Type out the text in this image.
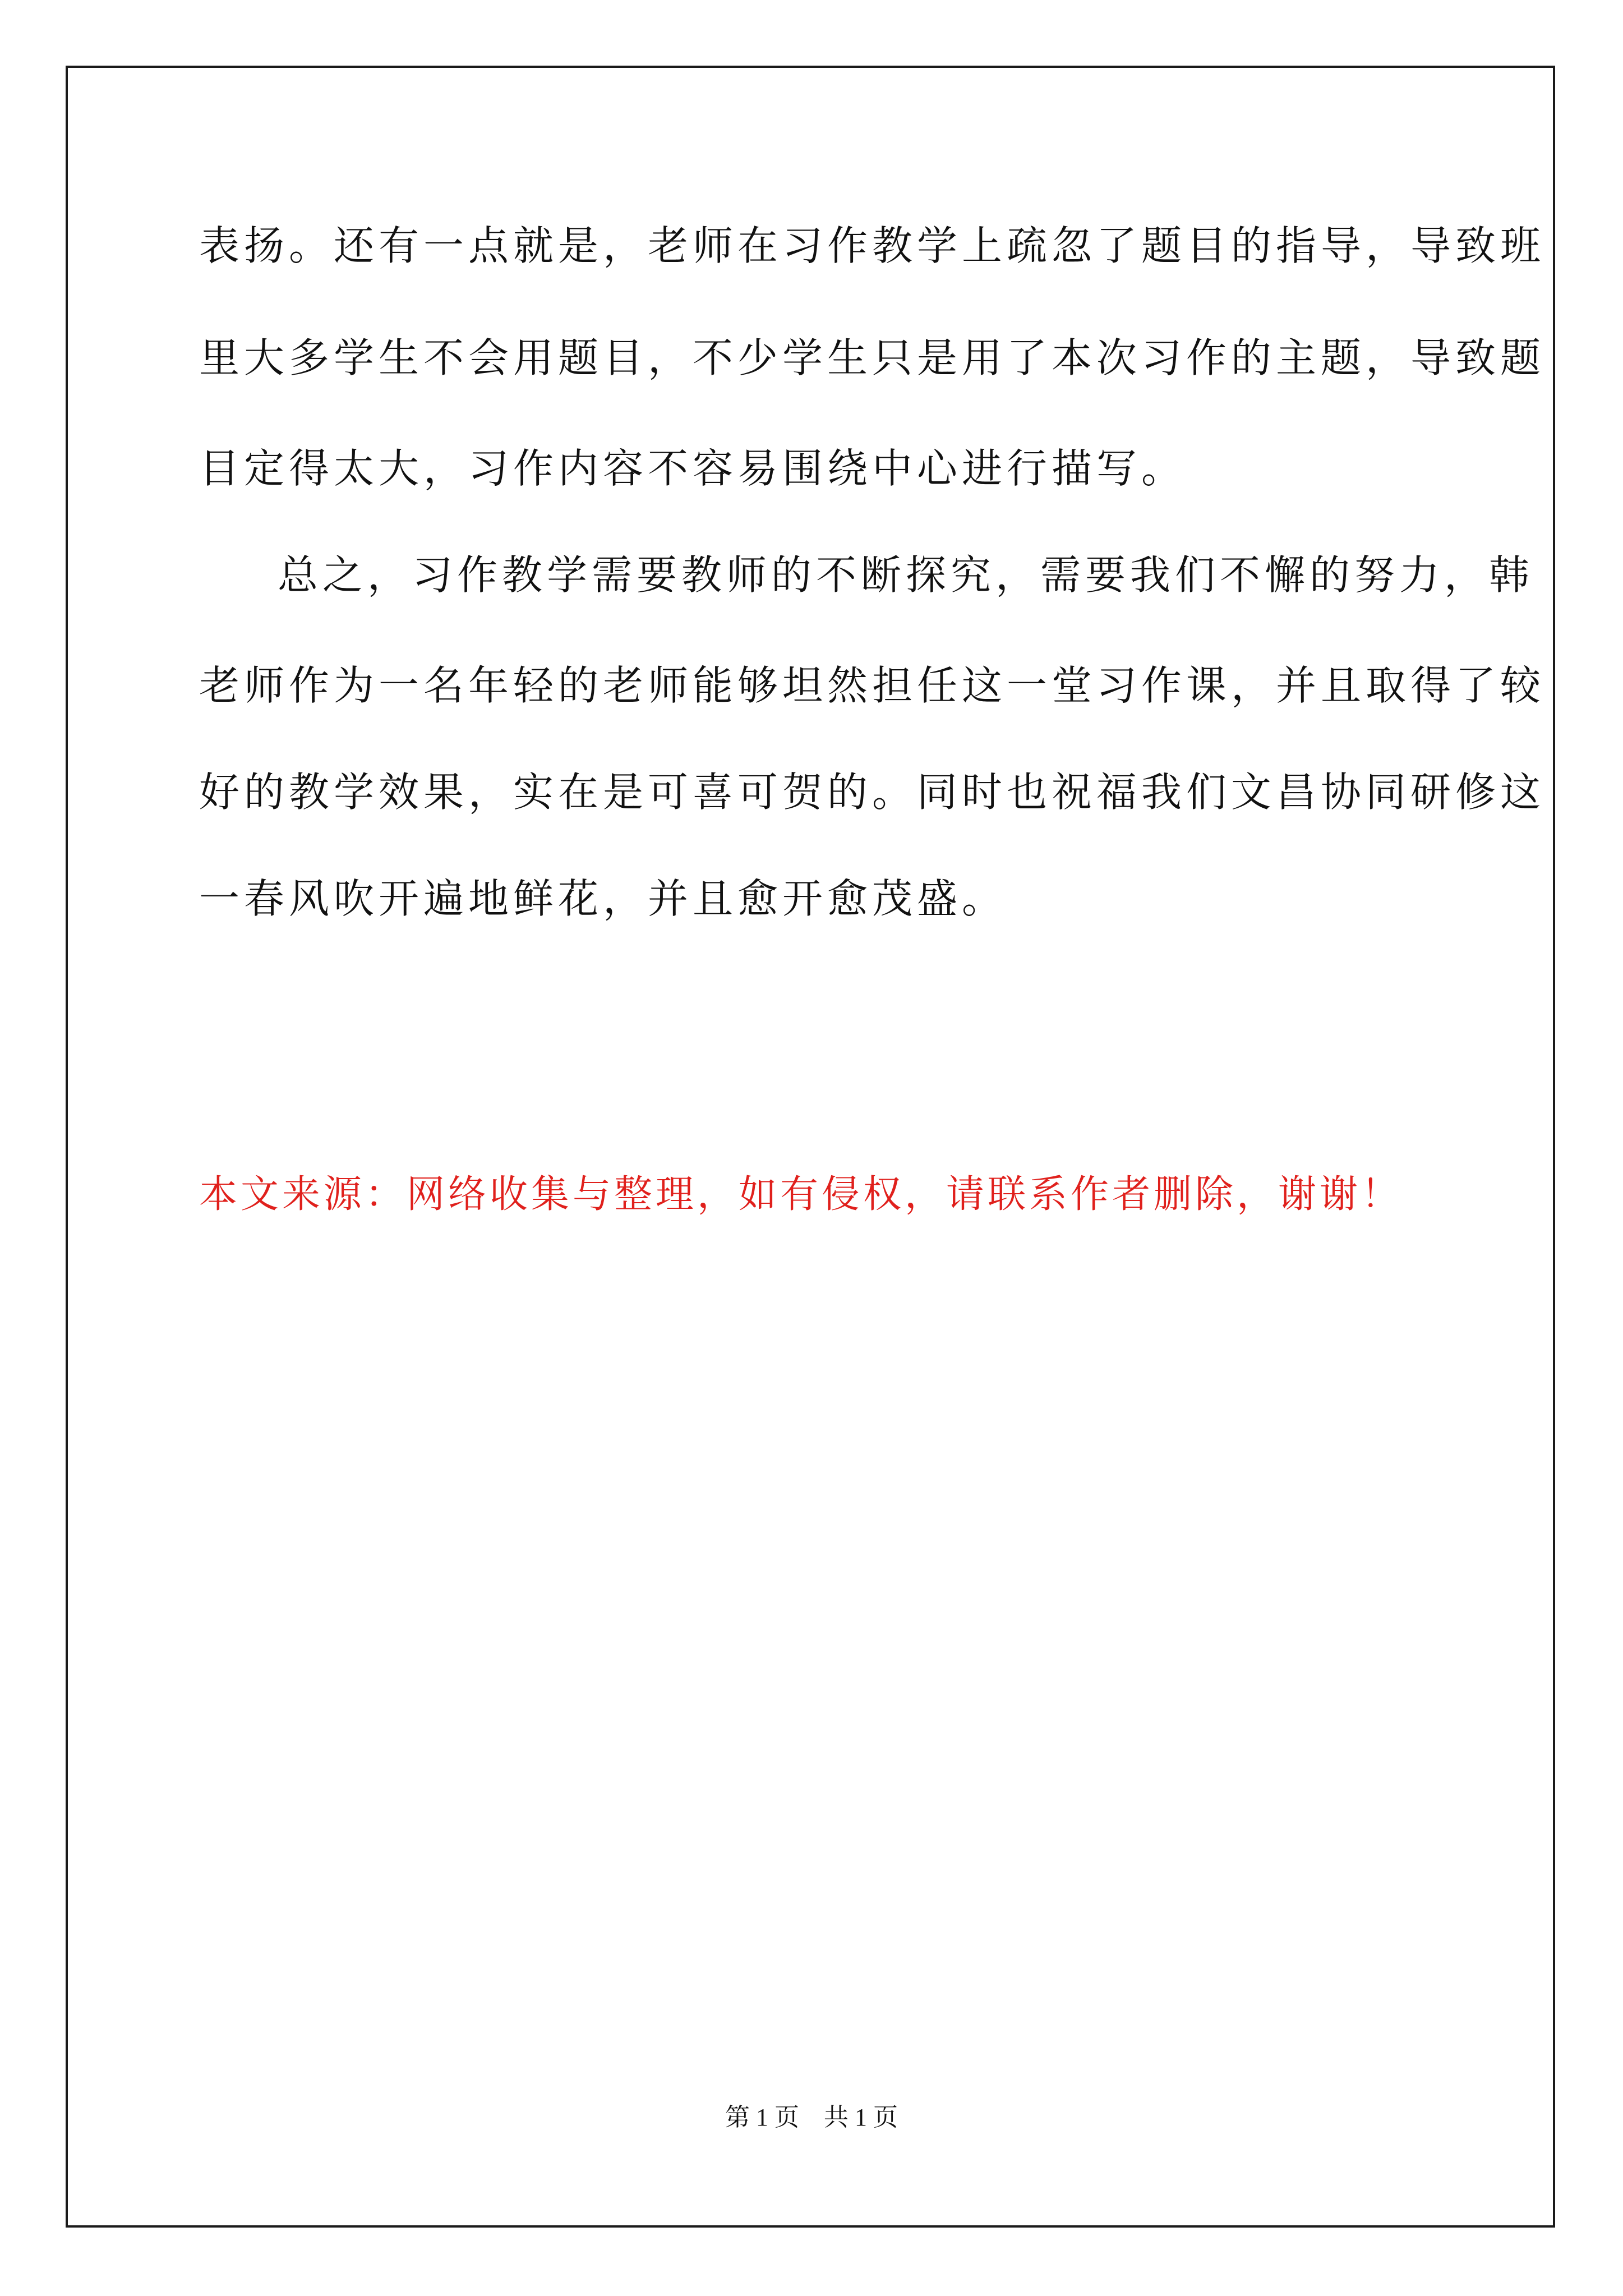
表扬。还有一点就是，老师在习作教学上疏忽了题目的指导，导致班
里大多学生不会用题目，不少学生只是用了本次习作的主题，导致题
目定得太大，习作内容不容易围绕中心进行描写。
总之，习作教学需要教师的不断探究，需要我们不懈的努力，韩
老师作为一名年轻的老师能够坦然担任这一堂习作课，并且取得了较
好的教学效果，实在是可喜可贺的。同时也祝福我们文昌协同研修这
一春风吹开遍地鲜花，并且愈开愈茂盛。
本文来源：网络收集与整理，如有侵权，请联系作者删除，谢谢！
第 1 页　共 1 页
